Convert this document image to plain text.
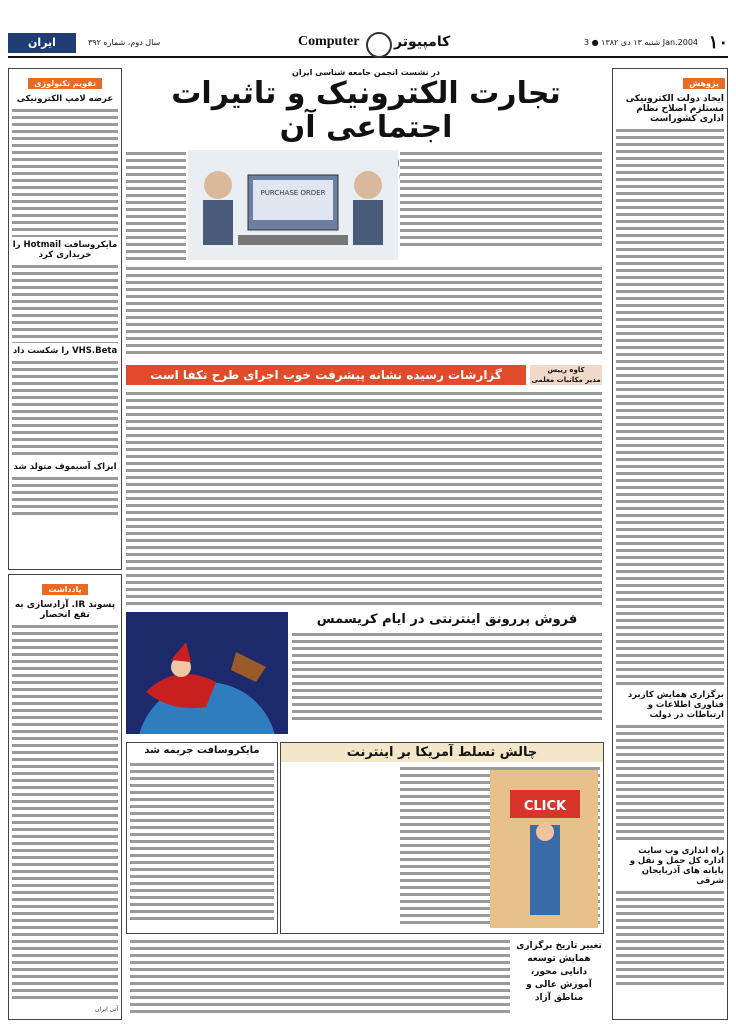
١٠
شنبه ۱۳ دی ۱۳۸۲ ● 3 Jan.2004
کامپیوتر
Computer
سال دوم، شماره ۳۹۲
ایران
پژوهش
ایجاد دولت الکترونیکی مستلزم اصلاح نظام اداری کشوراست
برگزاری همایش کاربرد فناوری اطلاعات و ارتباطات در دولت
راه اندازی وب سایت اداره کل حمل و نقل و پایانه های آذربایجان شرقی
تقویم تکنولوژی
عرضه لامپ الکترونیکی
مایکروسافت Hotmail را خریداری کرد
VHS.Beta را شکست داد
ایزاک آسیموف متولد شد
یادداشت
پسوند IR. آزادسازی به نفع انحصار
آتی ایران
در نشست انجمن جامعه شناسی ایران
تجارت الکترونیک و تاثیرات اجتماعی آن
PURCHASE ORDER
گزارشات رسیده نشانه پیشرفت خوب اجرای طرح تکفا است	کاوه رییس
مدیر مکاتبات معلمی
فروش پررونق اینترنتی در ایام کریسمس
چالش تسلط آمریکا بر اینترنت
CLICK
مایکروسافت جریمه شد
تغییر تاریخ برگزاری همایش توسعه دانایی محور، آموزش عالی و مناطق آزاد
